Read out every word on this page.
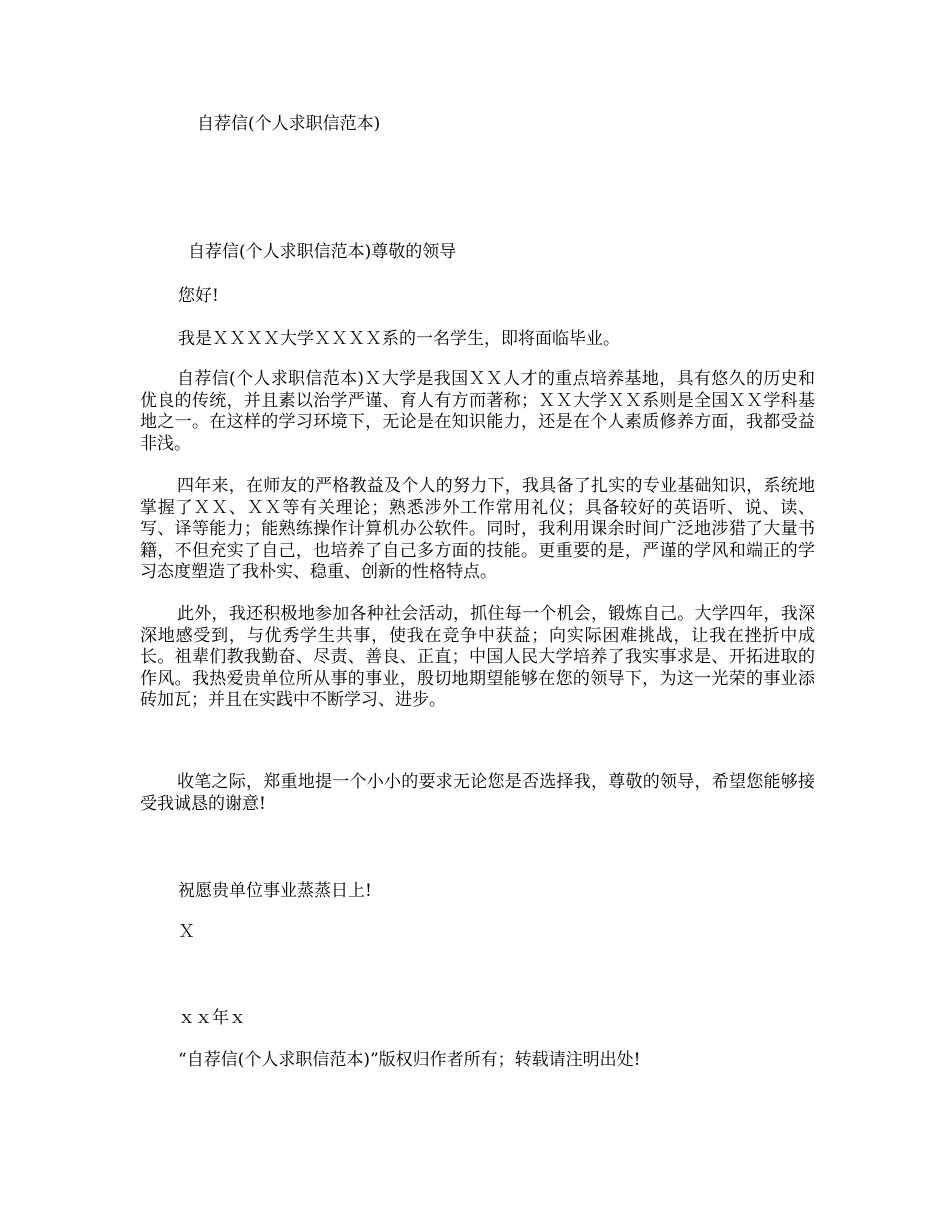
自荐信(个人求职信范本)
自荐信(个人求职信范本)尊敬的领导
您好!
我是ＸＸＸＸ大学ＸＸＸＸ系的一名学生，即将面临毕业。
自荐信(个人求职信范本)Ｘ大学是我国ＸＸ人才的重点培养基地，具有悠久的历史和优良的传统，并且素以治学严谨、育人有方而著称；ＸＸ大学ＸＸ系则是全国ＸＸ学科基地之一。在这样的学习环境下，无论是在知识能力，还是在个人素质修养方面，我都受益非浅。
四年来，在师友的严格教益及个人的努力下，我具备了扎实的专业基础知识，系统地掌握了ＸＸ、ＸＸ等有关理论；熟悉涉外工作常用礼仪；具备较好的英语听、说、读、写、译等能力；能熟练操作计算机办公软件。同时，我利用课余时间广泛地涉猎了大量书籍，不但充实了自己，也培养了自己多方面的技能。更重要的是，严谨的学风和端正的学习态度塑造了我朴实、稳重、创新的性格特点。
此外，我还积极地参加各种社会活动，抓住每一个机会，锻炼自己。大学四年，我深深地感受到，与优秀学生共事，使我在竞争中获益；向实际困难挑战，让我在挫折中成长。祖辈们教我勤奋、尽责、善良、正直；中国人民大学培养了我实事求是、开拓进取的作风。我热爱贵单位所从事的事业，殷切地期望能够在您的领导下，为这一光荣的事业添砖加瓦；并且在实践中不断学习、进步。
收笔之际，郑重地提一个小小的要求无论您是否选择我，尊敬的领导，希望您能够接受我诚恳的谢意!
祝愿贵单位事业蒸蒸日上!
Ｘ
ｘｘ年ｘ
“自荐信(个人求职信范本)”版权归作者所有；转载请注明出处!
